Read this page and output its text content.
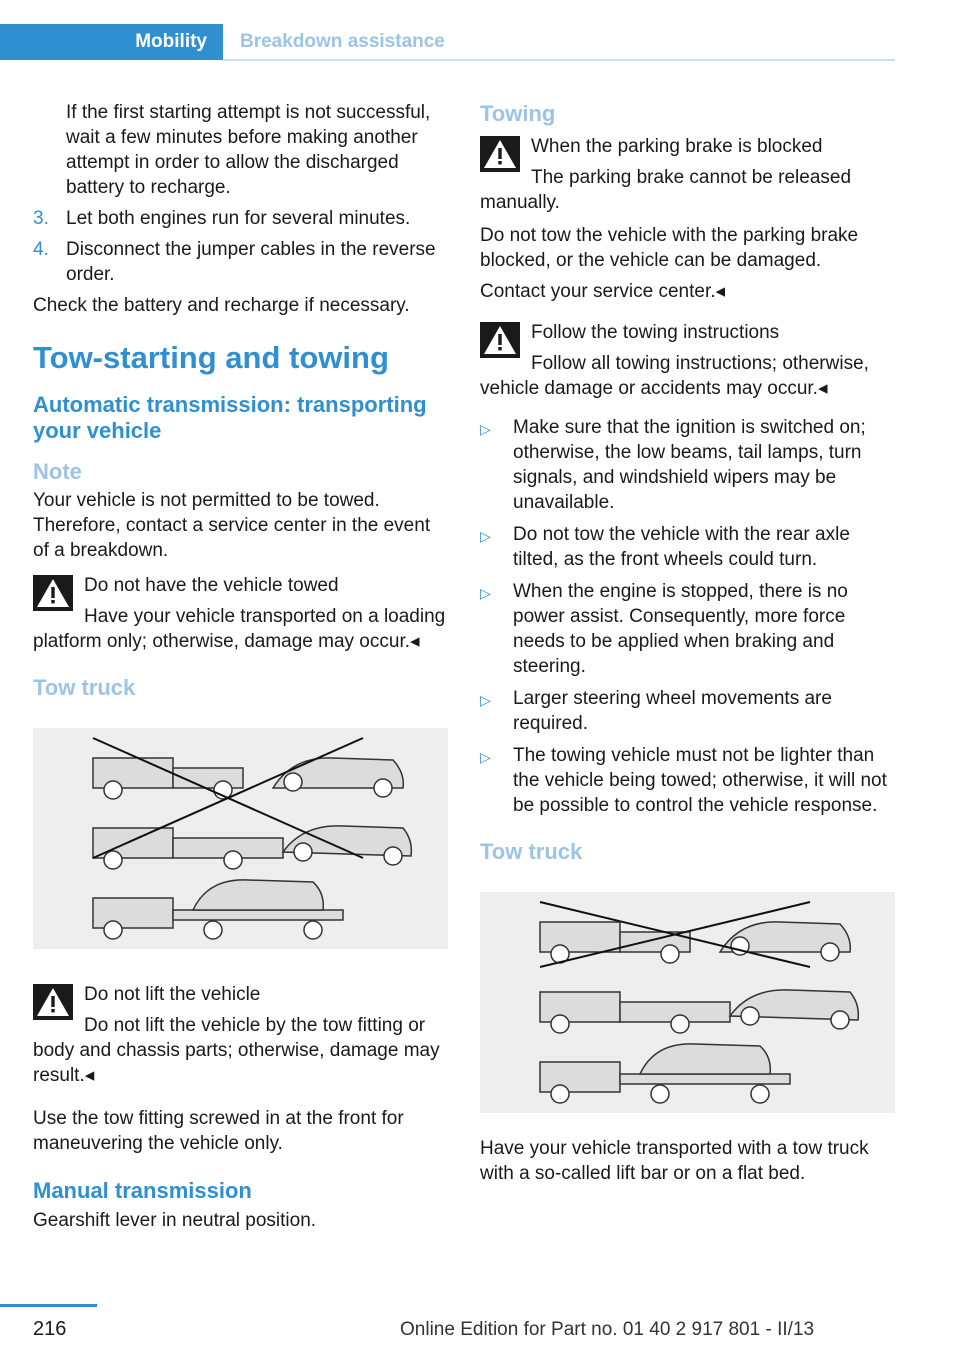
Mobility	Breakdown assistance

If the first starting attempt is not successful, wait a few minutes before making another attempt in order to allow the discharged battery to recharge.

3. Let both engines run for several minutes.
4. Disconnect the jumper cables in the reverse order.

Check the battery and recharge if necessary.

Tow-starting and towing
Automatic transmission: transporting your vehicle
Note

Your vehicle is not permitted to be towed. Therefore, contact a service center in the event of a breakdown.

Do not have the vehicle towed
Have your vehicle transported on a loading platform only; otherwise, damage may occur.◂
Tow truck
Do not lift the vehicle
Do not lift the vehicle by the tow fitting or body and chassis parts; otherwise, damage may result.◂

Use the tow fitting screwed in at the front for maneuvering the vehicle only.

Manual transmission

Gearshift lever in neutral position.

Towing
When the parking brake is blocked
The parking brake cannot be released manually.

Do not tow the vehicle with the parking brake blocked, or the vehicle can be damaged.

Contact your service center.◂

Follow the towing instructions
Follow all towing instructions; otherwise, vehicle damage or accidents may occur.◂
▷	Make sure that the ignition is switched on; otherwise, the low beams, tail lamps, turn signals, and windshield wipers may be unavailable.
▷	Do not tow the vehicle with the rear axle tilted, as the front wheels could turn.
▷	When the engine is stopped, there is no power assist. Consequently, more force needs to be applied when braking and steering.
▷	Larger steering wheel movements are required.
▷	The towing vehicle must not be lighter than the vehicle being towed; otherwise, it will not be possible to control the vehicle response.
Tow truck

Have your vehicle transported with a tow truck with a so-called lift bar or on a flat bed.

216	Online Edition for Part no. 01 40 2 917 801 - II/13
